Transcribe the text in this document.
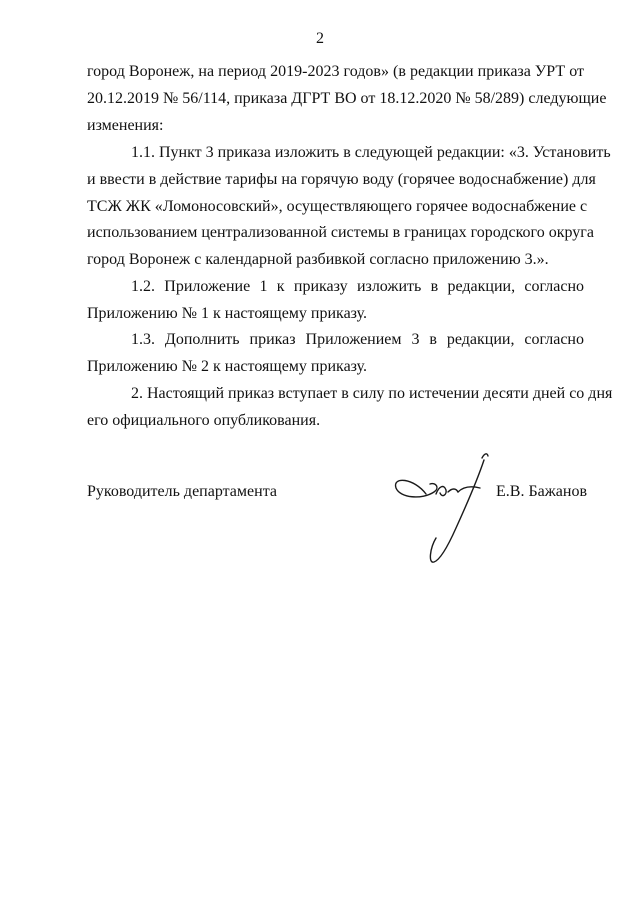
2
город Воронеж, на период 2019-2023 годов» (в редакции приказа УРТ от
20.12.2019 № 56/114, приказа ДГРТ ВО от 18.12.2020 № 58/289) следующие
изменения:
1.1. Пункт 3 приказа изложить в следующей редакции: «3. Установить
и ввести в действие тарифы на горячую воду (горячее водоснабжение) для
ТСЖ ЖК «Ломоносовский», осуществляющего горячее водоснабжение с
использованием централизованной системы в границах городского округа
город Воронеж с календарной разбивкой согласно приложению 3.».
1.2. Приложение 1 к приказу изложить в редакции, согласно
Приложению № 1 к настоящему приказу.
1.3. Дополнить приказ Приложением 3 в редакции, согласно
Приложению № 2 к настоящему приказу.
2. Настоящий приказ вступает в силу по истечении десяти дней со дня
его официального опубликования.
Руководитель департамента	Е.В. Бажанов
